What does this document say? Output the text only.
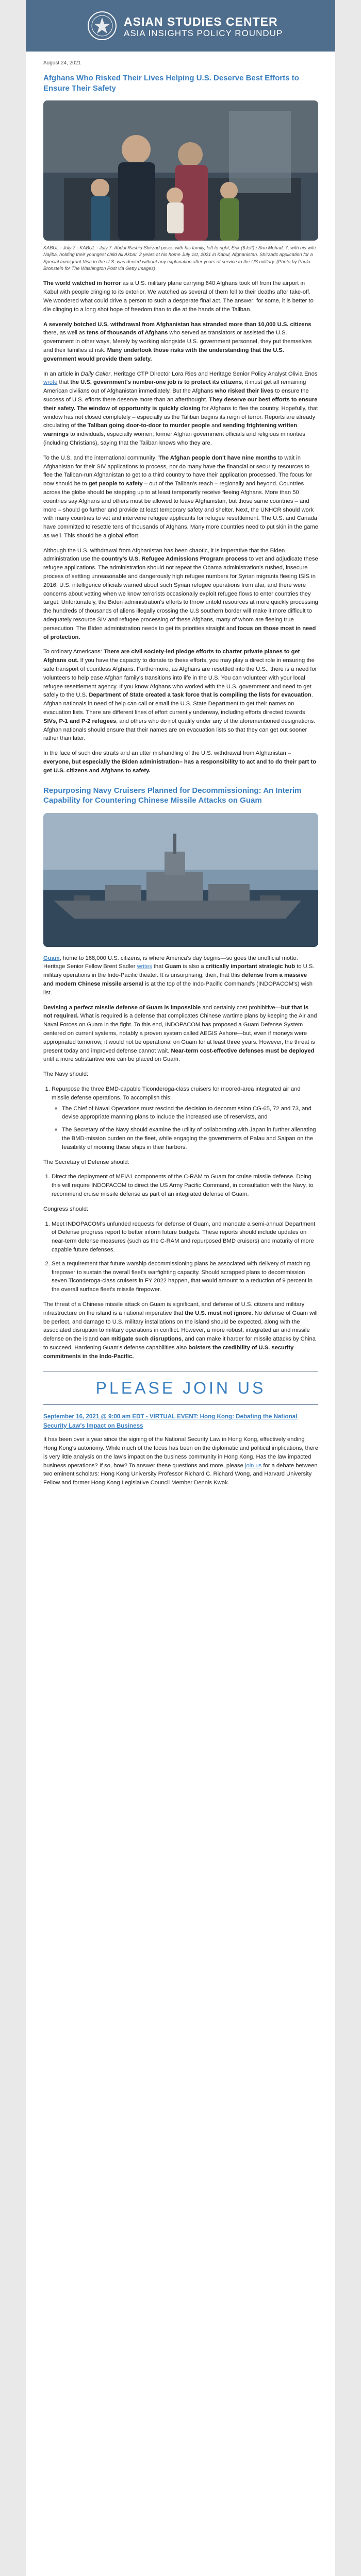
ASIAN STUDIES CENTER
ASIA INSIGHTS POLICY ROUNDUP
August 24, 2021
Afghans Who Risked Their Lives Helping U.S. Deserve Best Efforts to Ensure Their Safety
KABUL - July 7 - KABUL - July 7: Abdul Rashid Shirzad poses with his family, left to right, Erik (6 left) / Son Mohad, 7, with his wife Najiba, holding their youngest child Ali Akbar, 2 years at his home July 1st, 2021 in Kabul, Afghanistan. Shirzads application for a Special Immigrant Visa to the U.S. was denied without any explanation after years of service to the US military. (Photo by Paula Bronstein for The Washington Post via Getty Images)

The world watched in horror as a U.S. military plane carrying 640 Afghans took off from the airport in Kabul with people clinging to its exterior. We watched as several of them fell to their deaths after take-off. We wondered what could drive a person to such a desperate final act. The answer: for some, it is better to die clinging to a long shot hope of freedom than to die at the hands of the Taliban.

A severely botched U.S. withdrawal from Afghanistan has stranded more than 10,000 U.S. citizens there, as well as tens of thousands of Afghans who served as translators or assisted the U.S. government in other ways, Merely by working alongside U.S. government personnel, they put themselves and their families at risk. Many undertook those risks with the understanding that the U.S. government would provide them safety.

In an article in Daily Caller, Heritage CTP Director Lora Ries and Heritage Senior Policy Analyst Olivia Enos wrote that the U.S. government's number-one job is to protect its citizens, it must get all remaining American civilians out of Afghanistan immediately. But the Afghans who risked their lives to ensure the success of U.S. efforts there deserve more than an afterthought. They deserve our best efforts to ensure their safety. The window of opportunity is quickly closing for Afghans to flee the country. Hopefully, that window has not closed completely – especially as the Taliban begins its reign of terror. Reports are already circulating of the Taliban going door-to-door to murder people and sending frightening written warnings to individuals, especially women, former Afghan government officials and religious minorities (including Christians), saying that the Taliban knows who they are.

To the U.S. and the international community: The Afghan people don't have nine months to wait in Afghanistan for their SIV applications to process, nor do many have the financial or security resources to flee the Taliban-run Afghanistan to get to a third country to have their application processed. The focus for now should be to get people to safety – out of the Taliban's reach – regionally and beyond. Countries across the globe should be stepping up to at least temporarily receive fleeing Afghans. More than 50 countries say Afghans and others must be allowed to leave Afghanistan, but those same countries – and more – should go further and provide at least temporary safety and shelter. Next, the UNHCR should work with many countries to vet and intervene refugee applicants for refugee resettlement. The U.S. and Canada have committed to resettle tens of thousands of Afghans. Many more countries need to put skin in the game as well. This should be a global effort.

Although the U.S. withdrawal from Afghanistan has been chaotic, it is imperative that the Biden administration use the country's U.S. Refugee Admissions Program process to vet and adjudicate these refugee applications. The administration should not repeat the Obama administration's rushed, insecure process of settling unreasonable and dangerously high refugee numbers for Syrian migrants fleeing ISIS in 2016. U.S. intelligence officials warned about such Syrian refugee operations from afar, and there were concerns about vetting when we know terrorists occasionally exploit refugee flows to enter countries they target. Unfortunately, the Biden administration's efforts to throw untold resources at more quickly processing the hundreds of thousands of aliens illegally crossing the U.S southern border will make it more difficult to adequately resource SIV and refugee processing of these Afghans, many of whom are fleeing true persecution. The Biden administration needs to get its priorities straight and focus on those most in need of protection.

To ordinary Americans: There are civil society-led pledge efforts to charter private planes to get Afghans out. If you have the capacity to donate to these efforts, you may play a direct role in ensuring the safe transport of countless Afghans. Furthermore, as Afghans are resettled into the U.S., there is a need for volunteers to help ease Afghan family's transitions into life in the U.S. You can volunteer with your local refugee resettlement agency. If you know Afghans who worked with the U.S. government and need to get safely to the U.S. Department of State created a task force that is compiling the lists for evacuation. Afghan nationals in need of help can call or email the U.S. State Department to get their names on evacuation lists. There are different lines of effort currently underway, including efforts directed towards SIVs, P-1 and P-2 refugees, and others who do not qualify under any of the aforementioned designations. Afghan nationals should ensure that their names are on evacuation lists so that they can get out sooner rather than later.

In the face of such dire straits and an utter mishandling of the U.S. withdrawal from Afghanistan – everyone, but especially the Biden administration– has a responsibility to act and to do their part to get U.S. citizens and Afghans to safety.

Repurposing Navy Cruisers Planned for Decommissioning: An Interim Capability for Countering Chinese Missile Attacks on Guam

Guam, home to 168,000 U.S. citizens, is where America's day begins—so goes the unofficial motto. Heritage Senior Fellow Brent Sadler writes that Guam is also a critically important strategic hub to U.S. military operations in the Indo-Pacific theater. It is unsurprising, then, that this defense from a massive and modern Chinese missile arsenal is at the top of the Indo-Pacific Command's (INDOPACOM's) wish list.

Devising a perfect missile defense of Guam is impossible and certainly cost prohibitive—but that is not required. What is required is a defense that complicates Chinese wartime plans by keeping the Air and Naval Forces on Guam in the fight. To this end, INDOPACOM has proposed a Guam Defense System centered on current systems, notably a proven system called AEGIS Ashore—but, even if moneys were appropriated tomorrow, it would not be operational on Guam for at least three years. However, the threat is present today and improved defense cannot wait. Near-term cost-effective defenses must be deployed until a more substantive one can be placed on Guam.

The Navy should:

1. Repurpose the three BMD-capable Ticonderoga-class cruisers for moored-area integrated air and missile defense operations. To accomplish this:
◦ The Chief of Naval Operations must rescind the decision to decommission CG-65, 72 and 73, and devise appropriate manning plans to include the increased use of reservists, and
◦ The Secretary of the Navy should examine the utility of collaborating with Japan in further alienating the BMD-mission burden on the fleet, while engaging the governments of Palau and Saipan on the feasibility of mooring these ships in their harbors.

The Secretary of Defense should:

1. Direct the deployment of MEIA1 components of the C-RAM to Guam for cruise missile defense. Doing this will require INDOPACOM to direct the US Army Pacific Command, in consultation with the Navy, to recommend cruise missile defense as part of an integrated defense of Guam.

Congress should:

1. Meet INDOPACOM's unfunded requests for defense of Guam, and mandate a semi-annual Department of Defense progress report to better inform future budgets. These reports should include updates on near-term defense measures (such as the C-RAM and repurposed BMD cruisers) and maturity of more capable future defenses.
2. Set a requirement that future warship decommissioning plans be associated with delivery of matching firepower to sustain the overall fleet's warfighting capacity. Should scrapped plans to decommission seven Ticonderoga-class cruisers in FY 2022 happen, that would amount to a reduction of 9 percent in the overall surface fleet's missile firepower.

The threat of a Chinese missile attack on Guam is significant, and defense of U.S. citizens and military infrastructure on the island is a national imperative that the U.S. must not ignore. No defense of Guam will be perfect, and damage to U.S. military installations on the island should be expected, along with the associated disruption to military operations in conflict. However, a more robust, integrated air and missile defense on the island can mitigate such disruptions, and can make it harder for missile attacks by China to succeed. Hardening Guam's defense capabilities also bolsters the credibility of U.S. security commitments in the Indo-Pacific.

PLEASE JOIN US
September 16, 2021 @ 9:00 am EDT - VIRTUAL EVENT: Hong Kong: Debating the National Security Law's Impact on Business

It has been over a year since the signing of the National Security Law in Hong Kong, effectively ending Hong Kong's autonomy. While much of the focus has been on the diplomatic and political implications, there is very little analysis on the law's impact on the business community in Hong Kong. Has the law impacted business operations? If so, how? To answer these questions and more, please join us for a debate between two eminent scholars: Hong Kong University Professor Richard C. Richard Wong, and Harvard University Fellow and former Hong Kong Legislative Council Member Dennis Kwok.
